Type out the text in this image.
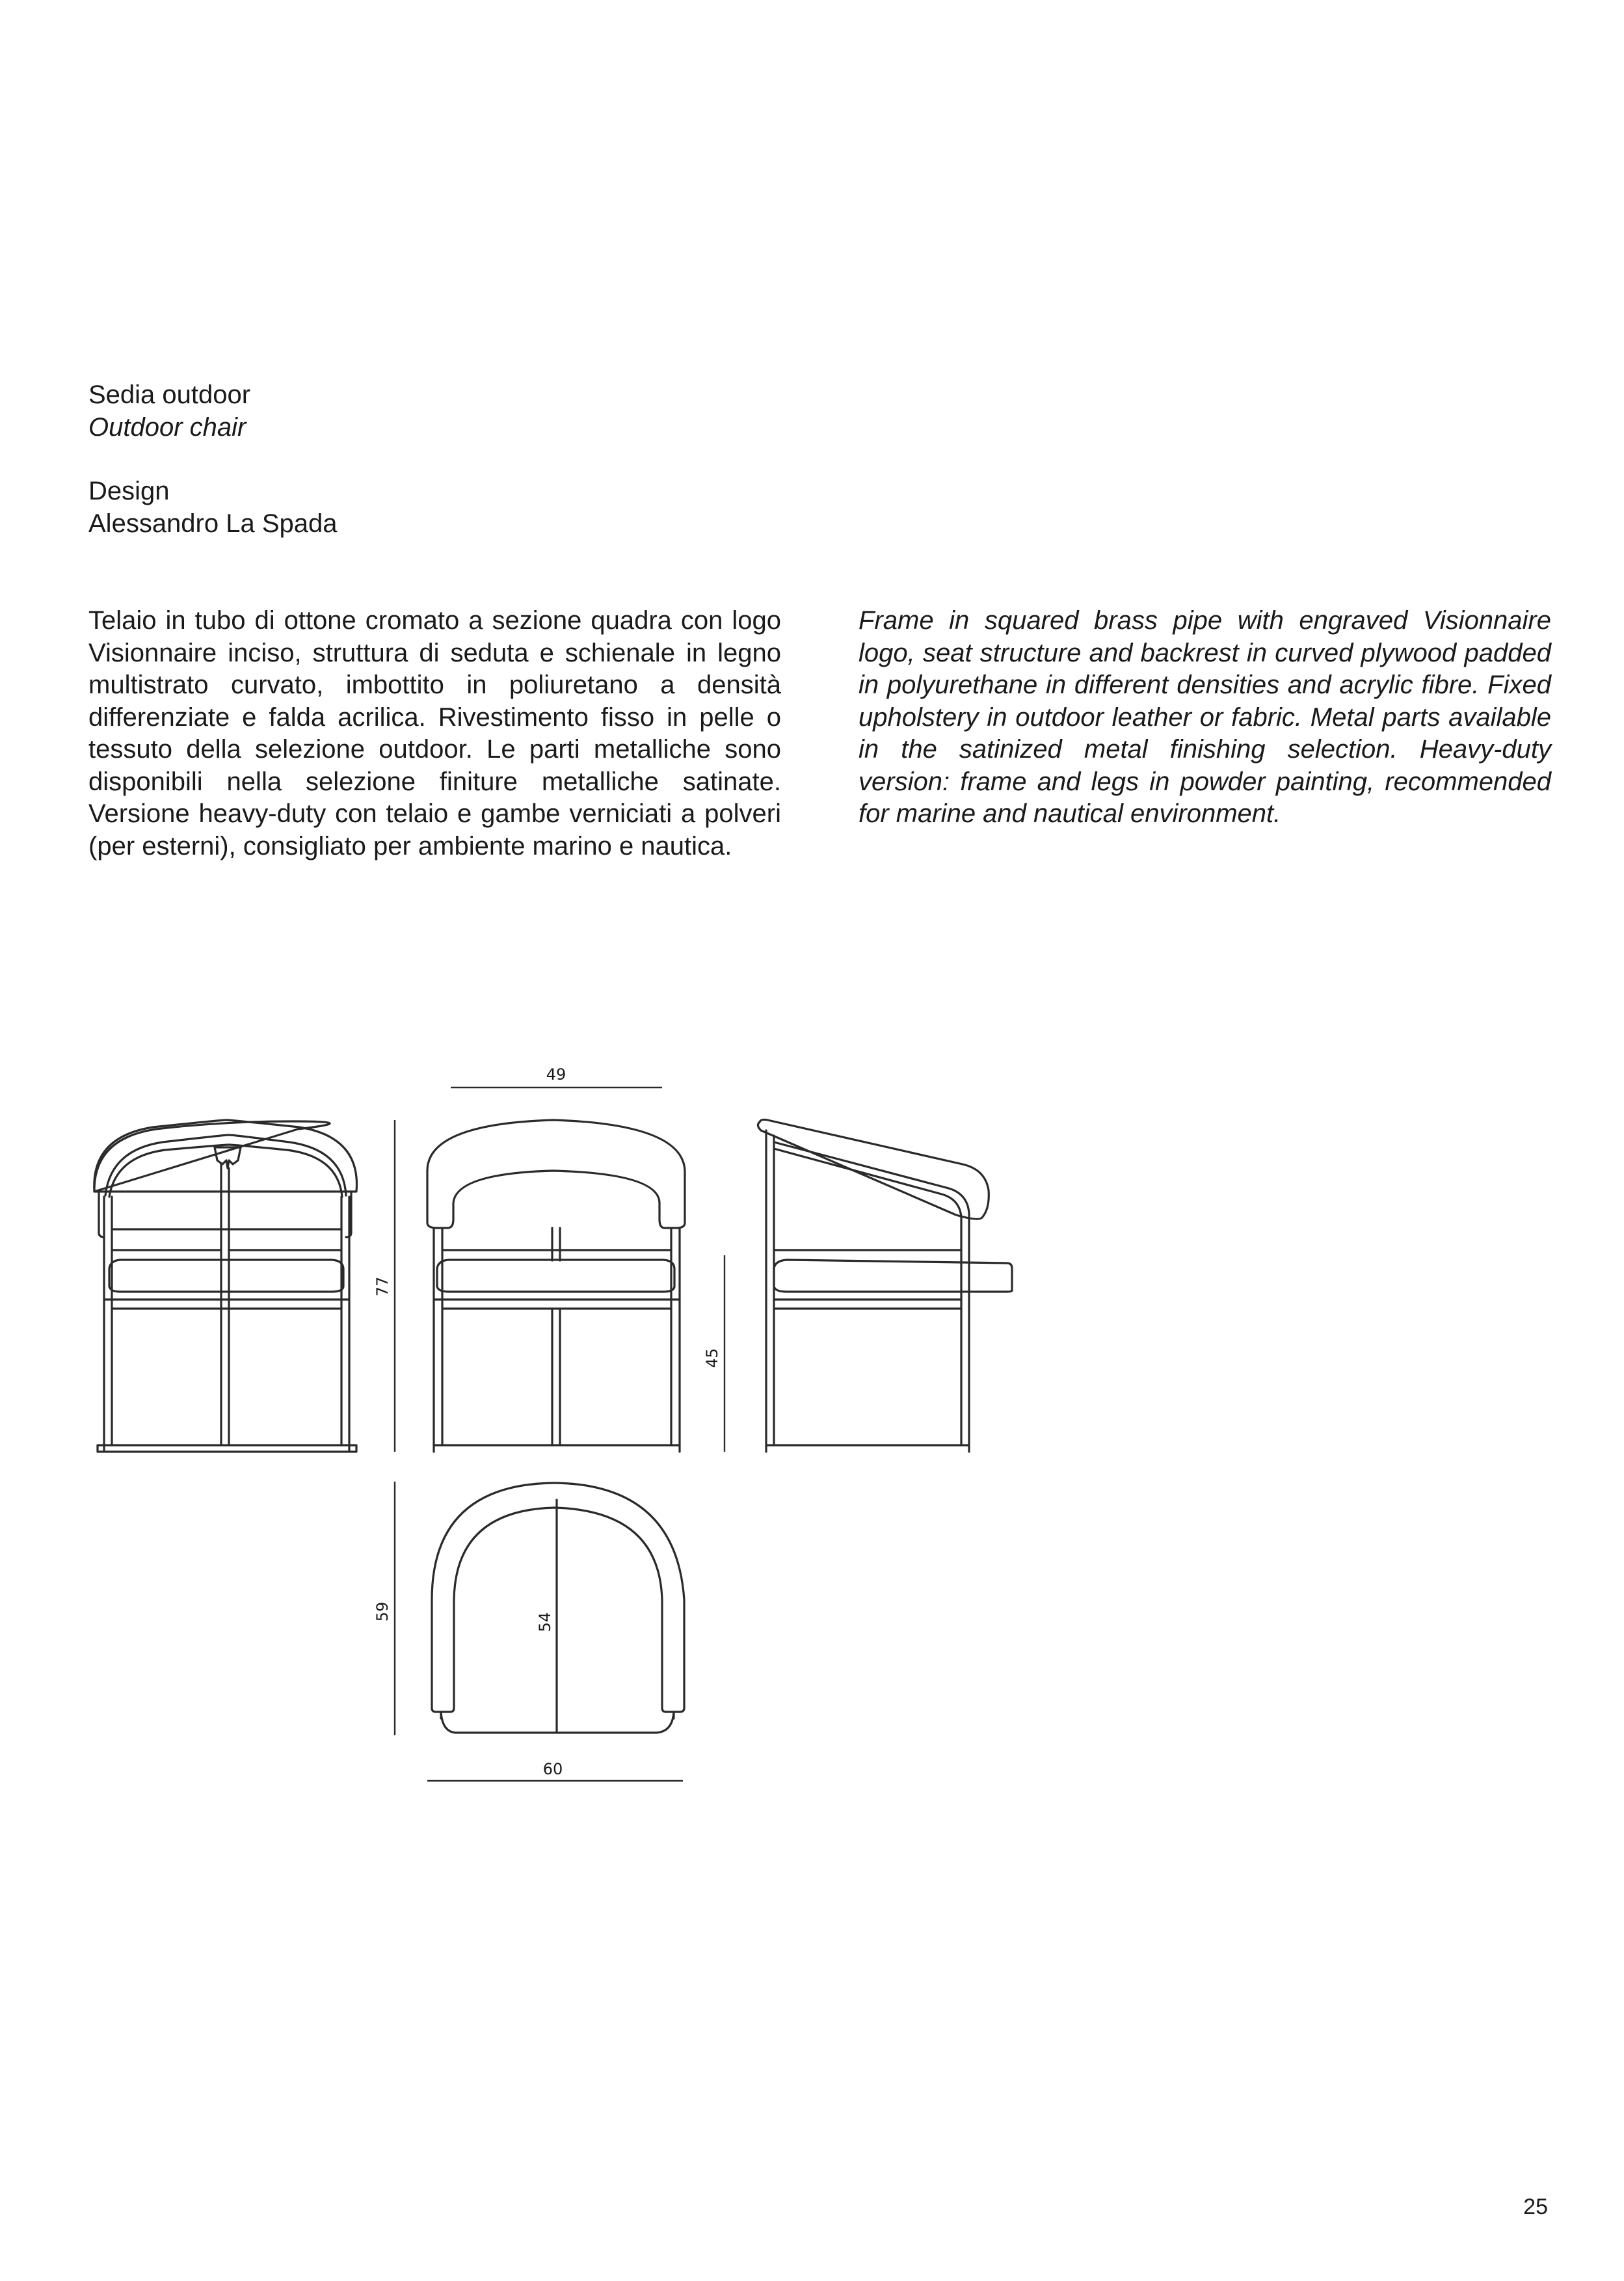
Sedia outdoor
Outdoor chair
Design
Alessandro La Spada
Telaio in tubo di ottone cromato a sezione quadra con logo Visionnaire inciso, struttura di seduta e schienale in legno multistrato curvato, imbottito in poliuretano a densità differenziate e falda acrilica. Rivestimento fisso in pelle o tessuto della selezione outdoor. Le parti metalliche sono disponibili nella selezione finiture metalliche satinate. Versione heavy-duty con telaio e gambe verniciati a polveri (per esterni), consigliato per ambiente marino e nautica.
Frame in squared brass pipe with engraved Visionnaire logo, seat structure and backrest in curved plywood padded in polyurethane in different densities and acrylic fibre. Fixed upholstery in outdoor leather or fabric. Metal parts available in the satinized metal finishing selection. Heavy-duty version: frame and legs in powder painting, recommended for marine and nautical environment.
77
49
45
59
54
60
25
